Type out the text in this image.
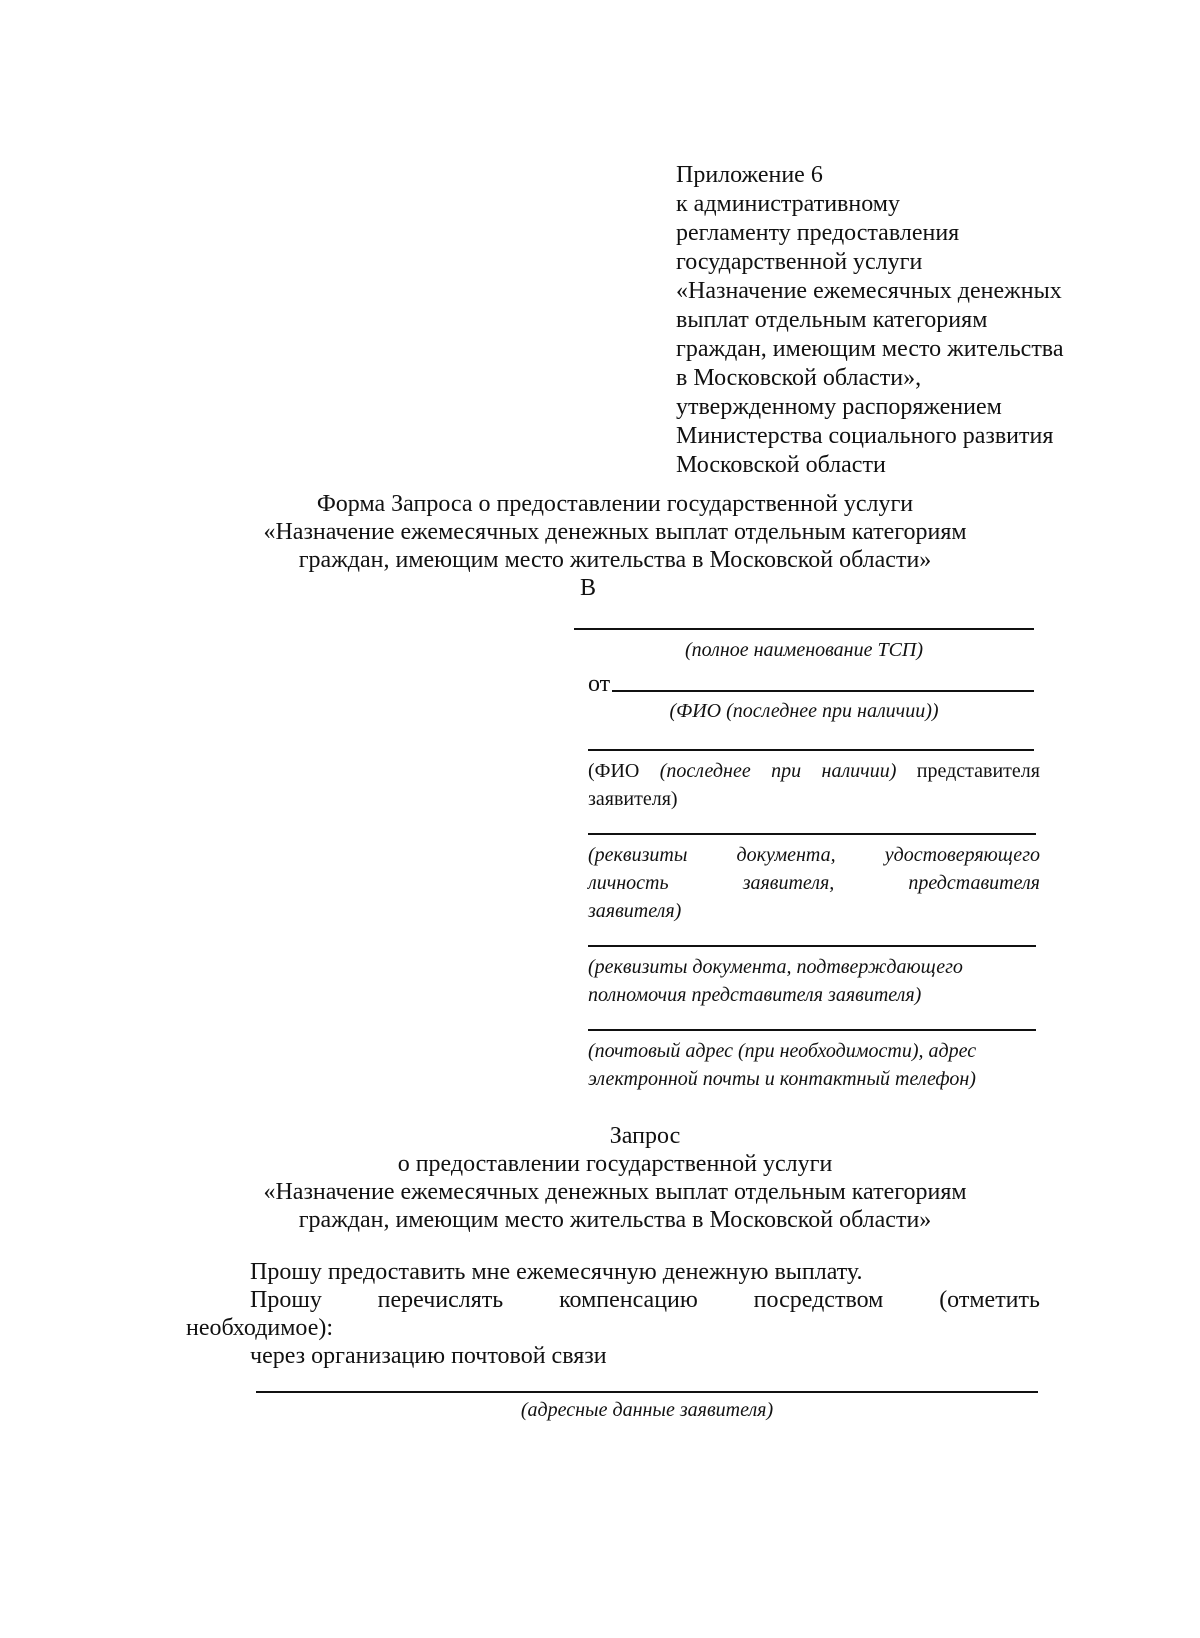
Приложение 6
к административному
регламенту предоставления
государственной услуги
«Назначение ежемесячных денежных
выплат отдельным категориям
граждан, имеющим место жительства
в Московской области»,
утвержденному распоряжением
Министерства социального развития
Московской области
Форма Запроса о предоставлении государственной услуги
«Назначение ежемесячных денежных выплат отдельным категориям
граждан, имеющим место жительства в Московской области»
В
(полное наименование ТСП)
от
(ФИО (последнее при наличии))
(ФИО (последнее при наличии) представителя
заявителя)
(реквизиты документа, удостоверяющего
личность	заявителя,	представителя
заявителя)
(реквизиты документа, подтверждающего
полномочия представителя заявителя)
(почтовый адрес (при необходимости), адрес
электронной почты и контактный телефон)
Запрос
о предоставлении государственной услуги
«Назначение ежемесячных денежных выплат отдельным категориям
граждан, имеющим место жительства в Московской области»
Прошу предоставить мне ежемесячную денежную выплату.
Прошу перечислять компенсацию посредством (отметить
необходимое):
через организацию почтовой связи
(адресные данные заявителя)
